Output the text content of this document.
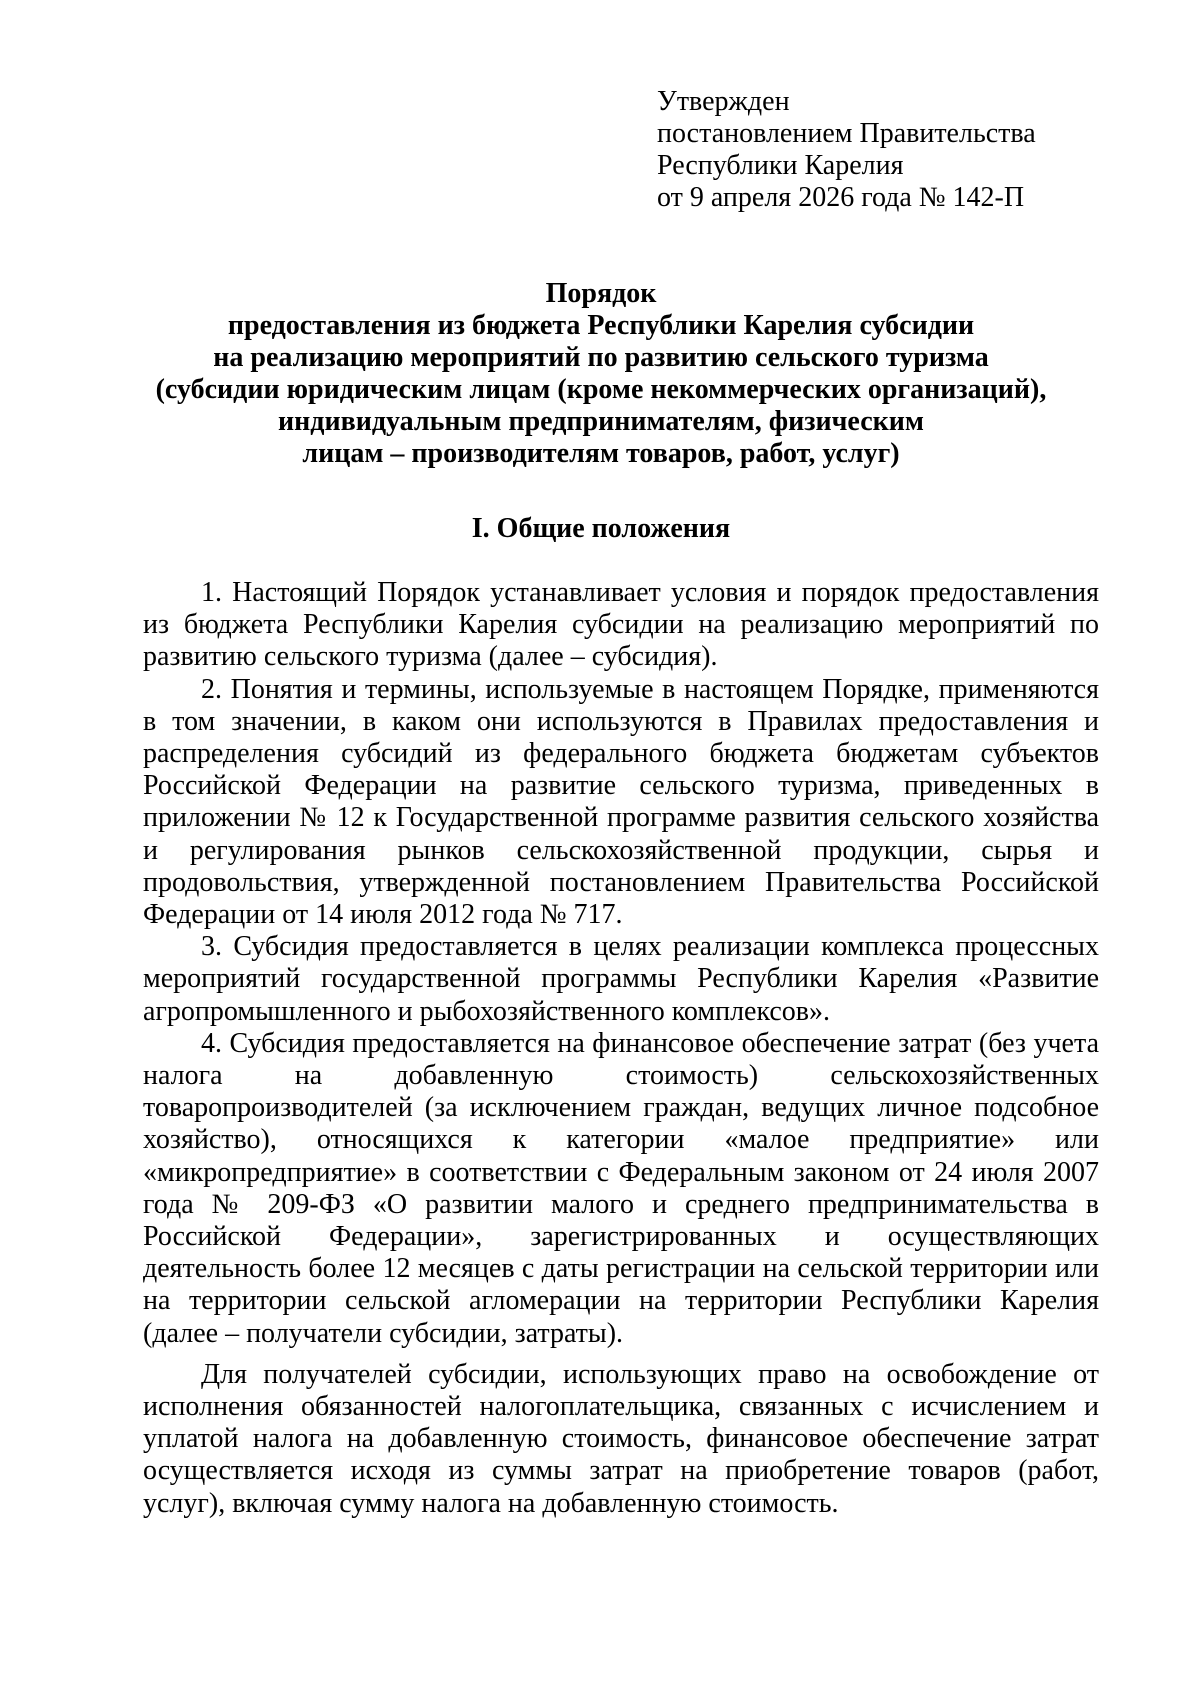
Утвержден
постановлением Правительства
Республики Карелия
от 9 апреля 2026 года № 142-П
Порядок
предоставления из бюджета Республики Карелия субсидии
на реализацию мероприятий по развитию сельского туризма
(субсидии юридическим лицам (кроме некоммерческих организаций),
индивидуальным предпринимателям, физическим
лицам – производителям товаров, работ, услуг)
I. Общие положения

1. Настоящий Порядок устанавливает условия и порядок предоставления из бюджета Республики Карелия субсидии на реализацию мероприятий по развитию сельского туризма (далее – субсидия).

2. Понятия и термины, используемые в настоящем Порядке, применяются в том значении, в каком они используются в Правилах предоставления и распределения субсидий из федерального бюджета бюджетам субъектов Российской Федерации на развитие сельского туризма, приведенных в приложении № 12 к Государственной программе развития сельского хозяйства и регулирования рынков сельскохозяйственной продукции, сырья и продовольствия, утвержденной постановлением Правительства Российской Федерации от 14 июля 2012 года № 717.

3. Субсидия предоставляется в целях реализации комплекса процессных мероприятий государственной программы Республики Карелия «Развитие агропромышленного и рыбохозяйственного комплексов».

4. Субсидия предоставляется на финансовое обеспечение затрат (без учета налога на добавленную стоимость) сельскохозяйственных товаропроизводителей (за исключением граждан, ведущих личное подсобное хозяйство), относящихся к категории «малое предприятие» или «микропредприятие» в соответствии с Федеральным законом от 24 июля 2007 года № 209-ФЗ «О развитии малого и среднего предпринимательства в Российской Федерации», зарегистрированных и осуществляющих деятельность более 12 месяцев с даты регистрации на сельской территории или на территории сельской агломерации на территории Республики Карелия (далее – получатели субсидии, затраты).

Для получателей субсидии, использующих право на освобождение от исполнения обязанностей налогоплательщика, связанных с исчислением и уплатой налога на добавленную стоимость, финансовое обеспечение затрат осуществляется исходя из суммы затрат на приобретение товаров (работ, услуг), включая сумму налога на добавленную стоимость.
